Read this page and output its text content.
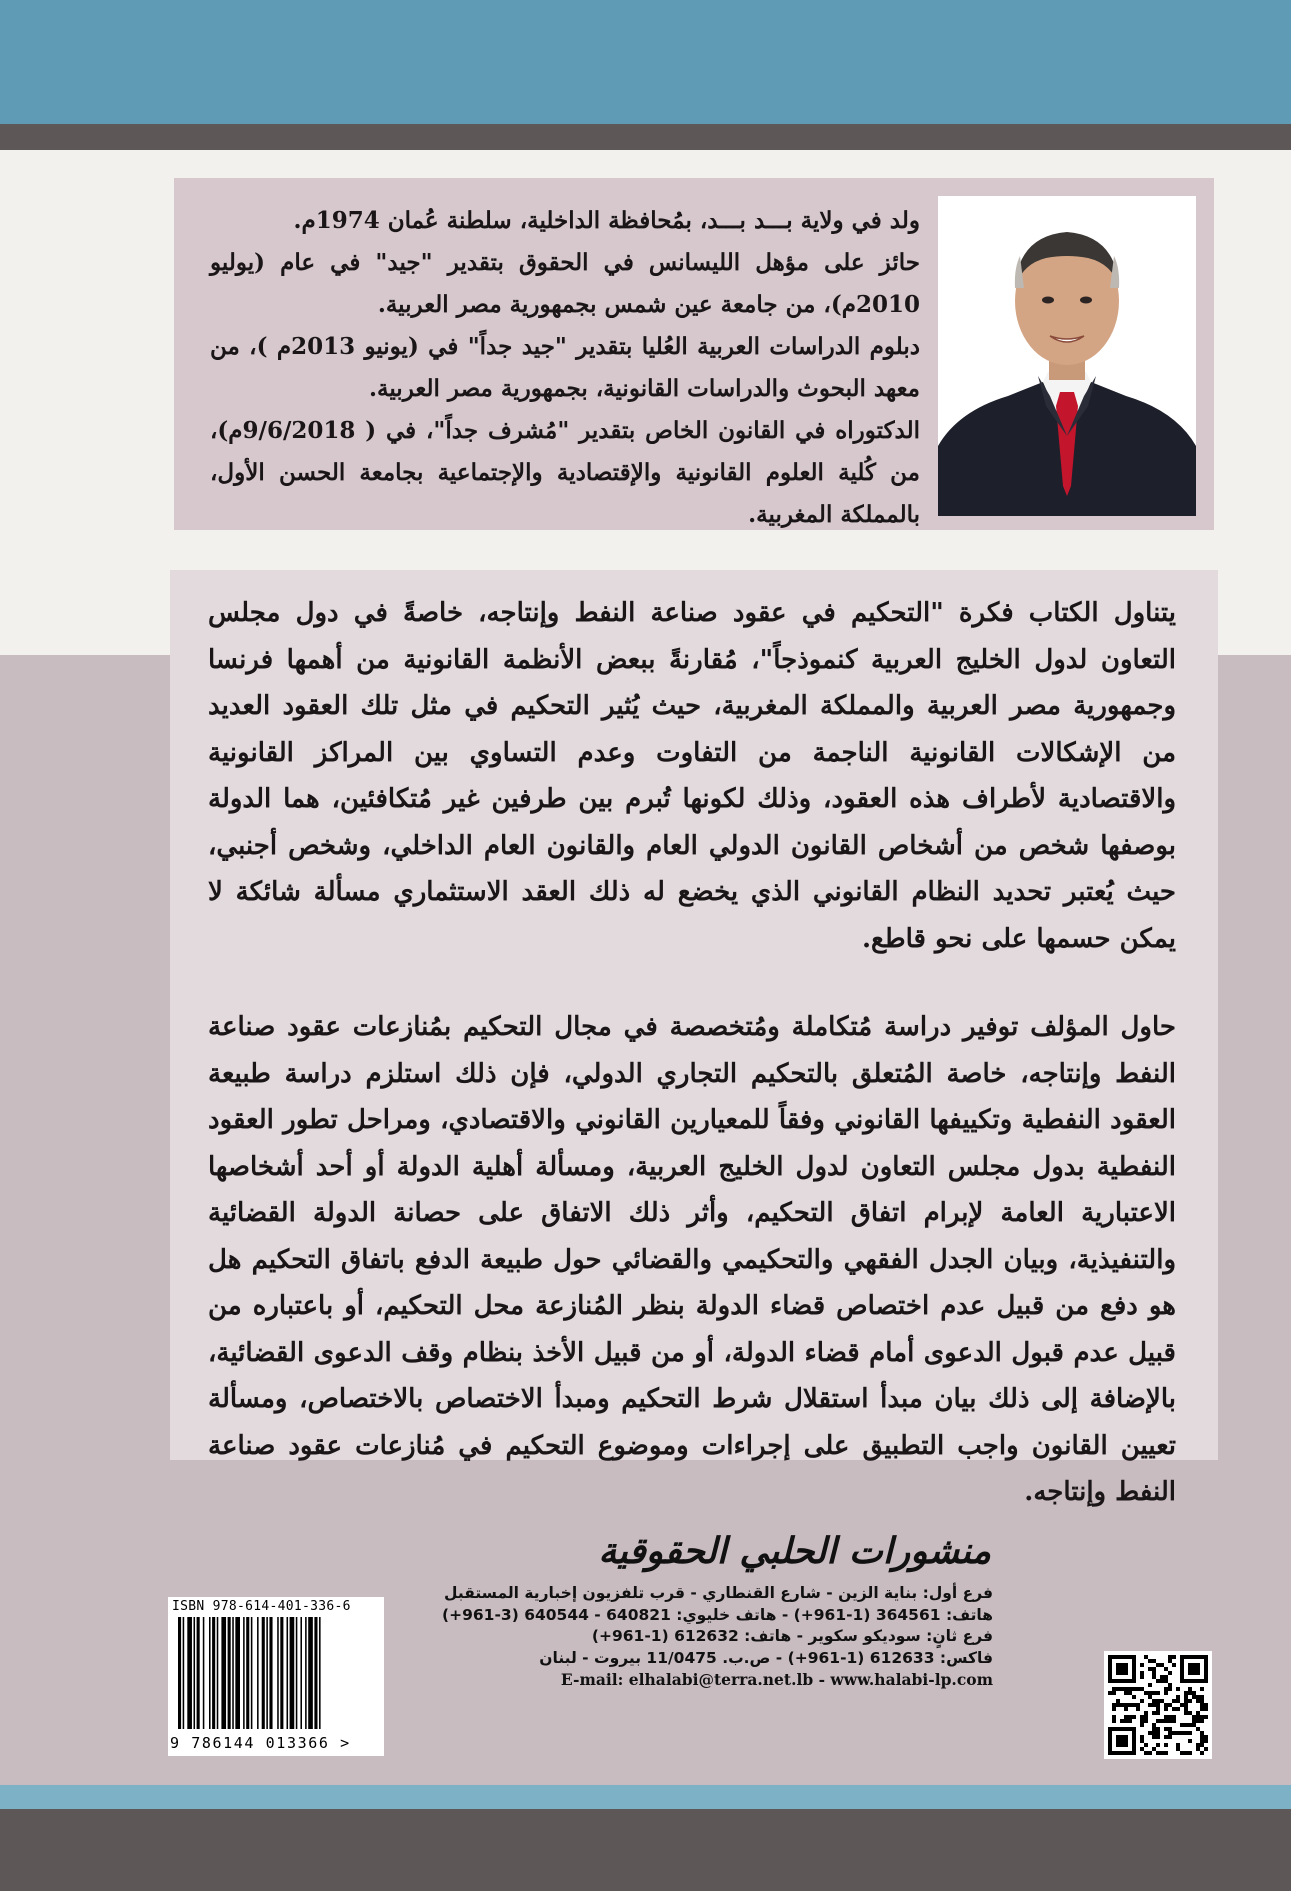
ولد في ولاية بـــد بـــد، بمُحافظة الداخلية، سلطنة عُمان 1974م.

حائز على مؤهل الليسانس في الحقوق بتقدير "جيد" في عام (يوليو 2010م)، من جامعة عين شمس بجمهورية مصر العربية.

دبلوم الدراسات العربية العُليا بتقدير "جيد جداً" في (يونيو 2013م )، من معهد البحوث والدراسات القانونية، بجمهورية مصر العربية.

الدكتوراه في القانون الخاص بتقدير "مُشرف جداً"، في ( 9/6/2018م)، من كُلية العلوم القانونية والإقتصادية والإجتماعية بجامعة الحسن الأول، بالمملكة المغربية.

يتناول الكتاب فكرة "التحكيم في عقود صناعة النفط وإنتاجه، خاصةً في دول مجلس التعاون لدول الخليج العربية كنموذجاً"، مُقارنةً ببعض الأنظمة القانونية من أهمها فرنسا وجمهورية مصر العربية والمملكة المغربية، حيث يُثير التحكيم في مثل تلك العقود العديد من الإشكالات القانونية الناجمة من التفاوت وعدم التساوي بين المراكز القانونية والاقتصادية لأطراف هذه العقود، وذلك لكونها تُبرم بين طرفين غير مُتكافئين، هما الدولة بوصفها شخص من أشخاص القانون الدولي العام والقانون العام الداخلي، وشخص أجنبي، حيث يُعتبر تحديد النظام القانوني الذي يخضع له ذلك العقد الاستثماري مسألة شائكة لا يمكن حسمها على نحو قاطع.

حاول المؤلف توفير دراسة مُتكاملة ومُتخصصة في مجال التحكيم بمُنازعات عقود صناعة النفط وإنتاجه، خاصة المُتعلق بالتحكيم التجاري الدولي، فإن ذلك استلزم دراسة طبيعة العقود النفطية وتكييفها القانوني وفقاً للمعيارين القانوني والاقتصادي، ومراحل تطور العقود النفطية بدول مجلس التعاون لدول الخليج العربية، ومسألة أهلية الدولة أو أحد أشخاصها الاعتبارية العامة لإبرام اتفاق التحكيم، وأثر ذلك الاتفاق على حصانة الدولة القضائية والتنفيذية، وبيان الجدل الفقهي والتحكيمي والقضائي حول طبيعة الدفع باتفاق التحكيم هل هو دفع من قبيل عدم اختصاص قضاء الدولة بنظر المُنازعة محل التحكيم، أو باعتباره من قبيل عدم قبول الدعوى أمام قضاء الدولة، أو من قبيل الأخذ بنظام وقف الدعوى القضائية، بالإضافة إلى ذلك بيان مبدأ استقلال شرط التحكيم ومبدأ الاختصاص بالاختصاص، ومسألة تعيين القانون واجب التطبيق على إجراءات وموضوع التحكيم في مُنازعات عقود صناعة النفط وإنتاجه.

منشورات الحلبي الحقوقية
فرع أول: بناية الزين - شارع القنطاري - قرب تلفزيون إخبارية المستقبل
هاتف: 364561 (1-961+) - هاتف خليوي: 640821 - 640544 (3-961+)
فرع ثانٍ: سوديكو سكوير - هاتف: 612632 (1-961+)
فاكس: 612633 (1-961+) - ص.ب. 11/0475 بيروت - لبنان
E-mail: elhalabi@terra.net.lb - www.halabi-lp.com
ISBN 978-614-401-336-6
9 786144 013366 >
